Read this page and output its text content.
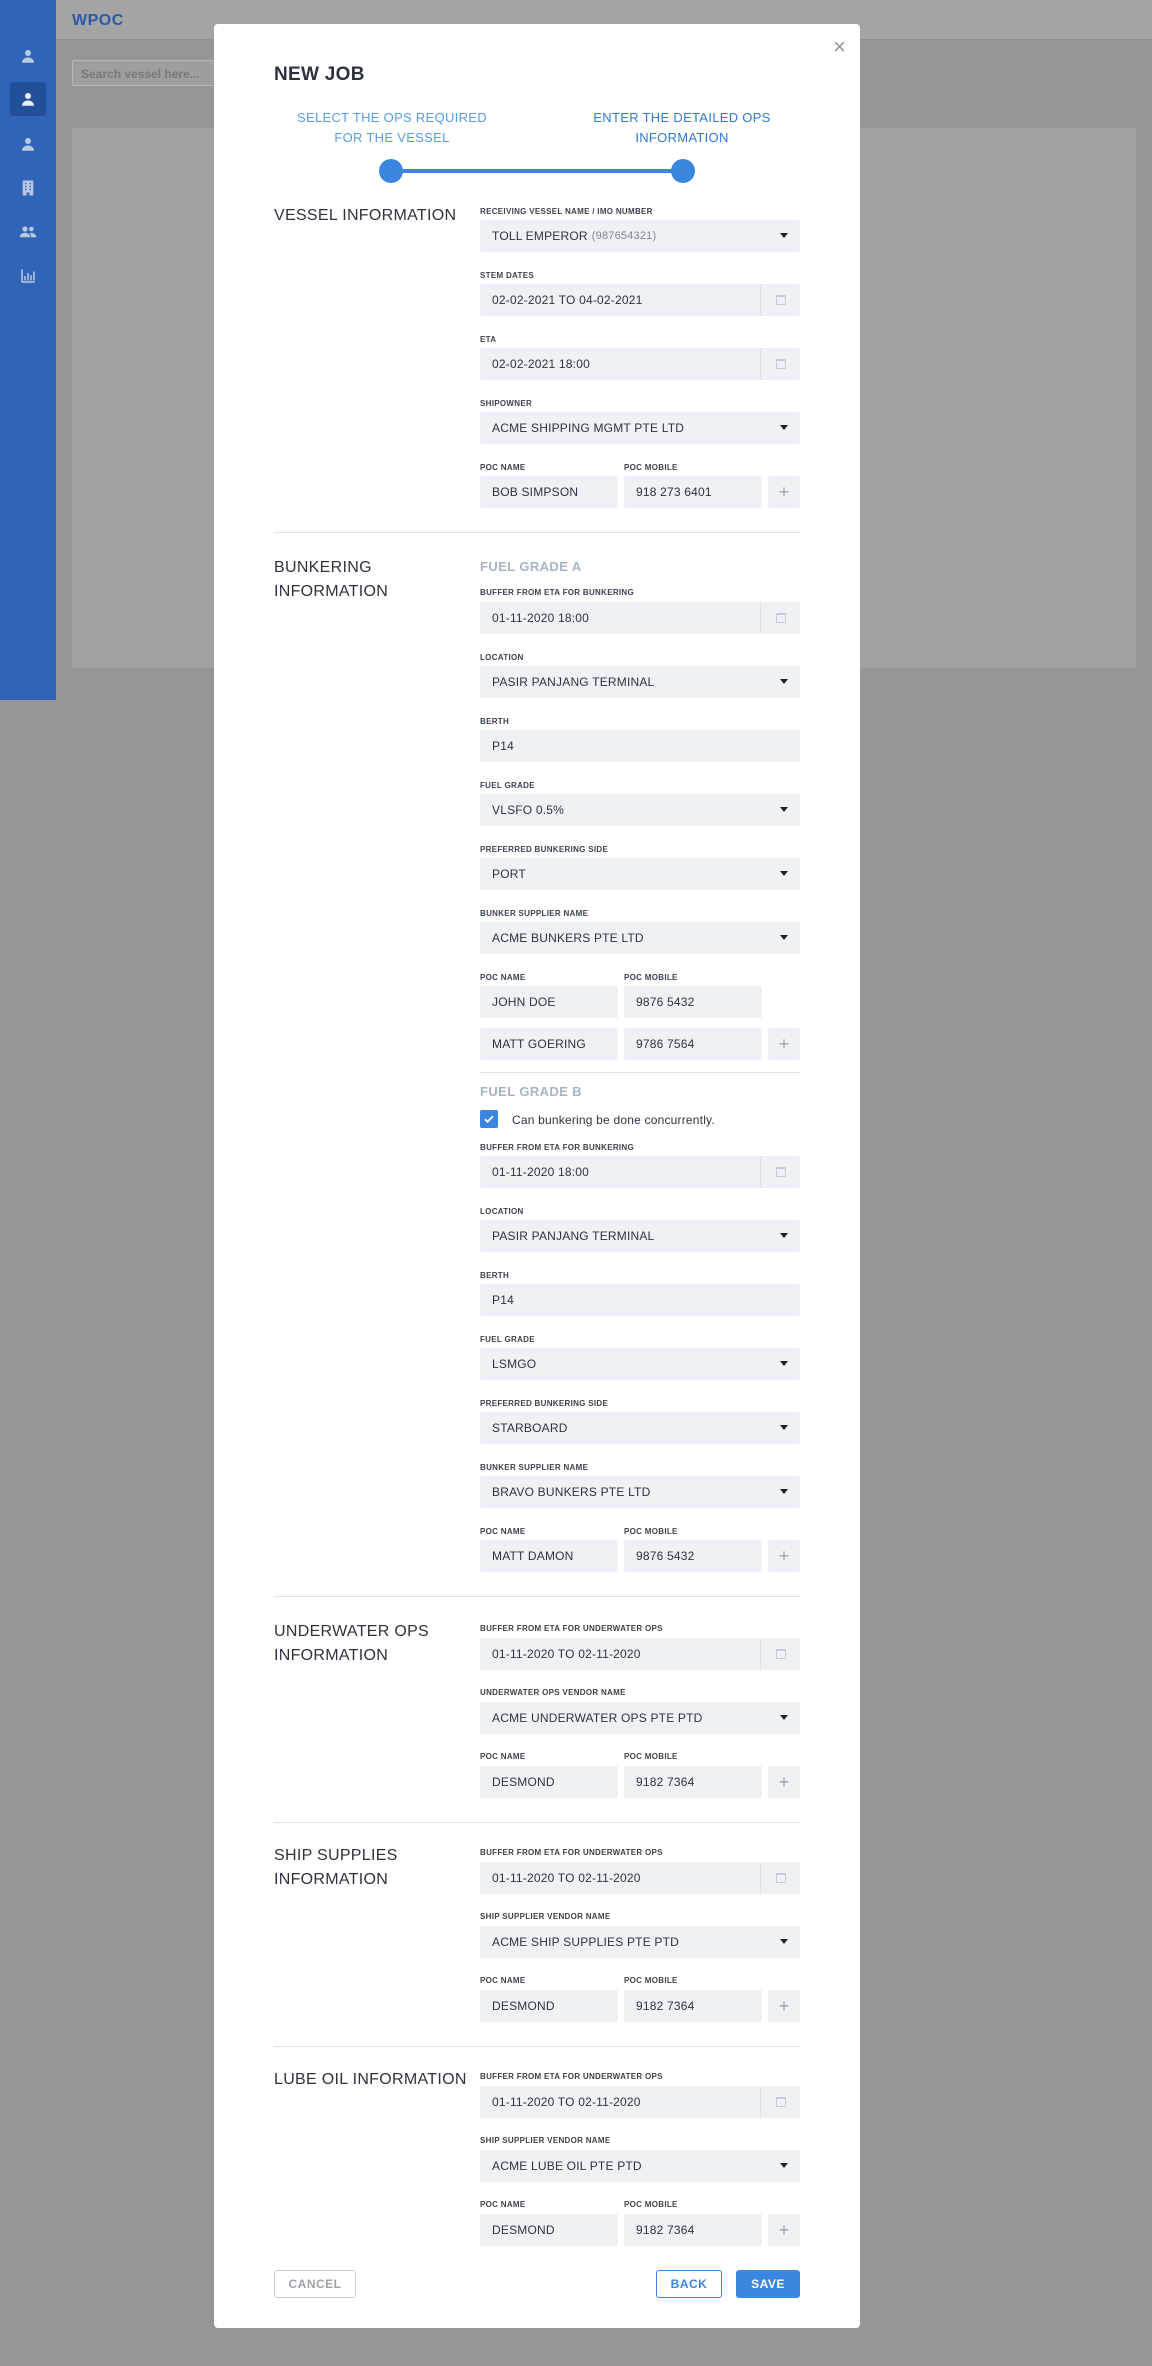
WPOC
Search vessel here...
×
NEW JOB
SELECT THE OPS REQUIRED FOR THE VESSEL
ENTER THE DETAILED OPS INFORMATION
VESSEL INFORMATION	RECEIVING VESSEL NAME / IMO NUMBER
TOLL EMPEROR (987654321)
STEM DATES
02-02-2021 TO 04-02-2021
ETA
02-02-2021 18:00
SHIPOWNER
ACME SHIPPING MGMT PTE LTD
POC NAME	POC MOBILE
BOB SIMPSON	918 273 6401	+
BUNKERING
INFORMATION
FUEL GRADE A
BUFFER FROM ETA FOR BUNKERING
01-11-2020 18:00
LOCATION
PASIR PANJANG TERMINAL
BERTH
P14
FUEL GRADE
VLSFO 0.5%
PREFERRED BUNKERING SIDE
PORT
BUNKER SUPPLIER NAME
ACME BUNKERS PTE LTD
POC NAME	POC MOBILE
JOHN DOE	9876 5432
MATT GOERING	9786 7564	+
FUEL GRADE B
Can bunkering be done concurrently.
BUFFER FROM ETA FOR BUNKERING
01-11-2020 18:00
LOCATION
PASIR PANJANG TERMINAL
BERTH
P14
FUEL GRADE
LSMGO
PREFERRED BUNKERING SIDE
STARBOARD
BUNKER SUPPLIER NAME
BRAVO BUNKERS PTE LTD
POC NAME	POC MOBILE
MATT DAMON	9876 5432	+
UNDERWATER OPS
INFORMATION
BUFFER FROM ETA FOR UNDERWATER OPS
01-11-2020 TO 02-11-2020
UNDERWATER OPS VENDOR NAME
ACME UNDERWATER OPS PTE PTD
POC NAME	POC MOBILE
DESMOND	9182 7364	+
SHIP SUPPLIES
INFORMATION
BUFFER FROM ETA FOR UNDERWATER OPS
01-11-2020 TO 02-11-2020
SHIP SUPPLIER VENDOR NAME
ACME SHIP SUPPLIES PTE PTD
POC NAME	POC MOBILE
DESMOND	9182 7364	+
LUBE OIL INFORMATION BUFFER FROM ETA FOR UNDERWATER OPS
01-11-2020 TO 02-11-2020
SHIP SUPPLIER VENDOR NAME
ACME LUBE OIL PTE PTD
POC NAME	POC MOBILE
DESMOND	9182 7364	+
CANCEL	BACK	SAVE
